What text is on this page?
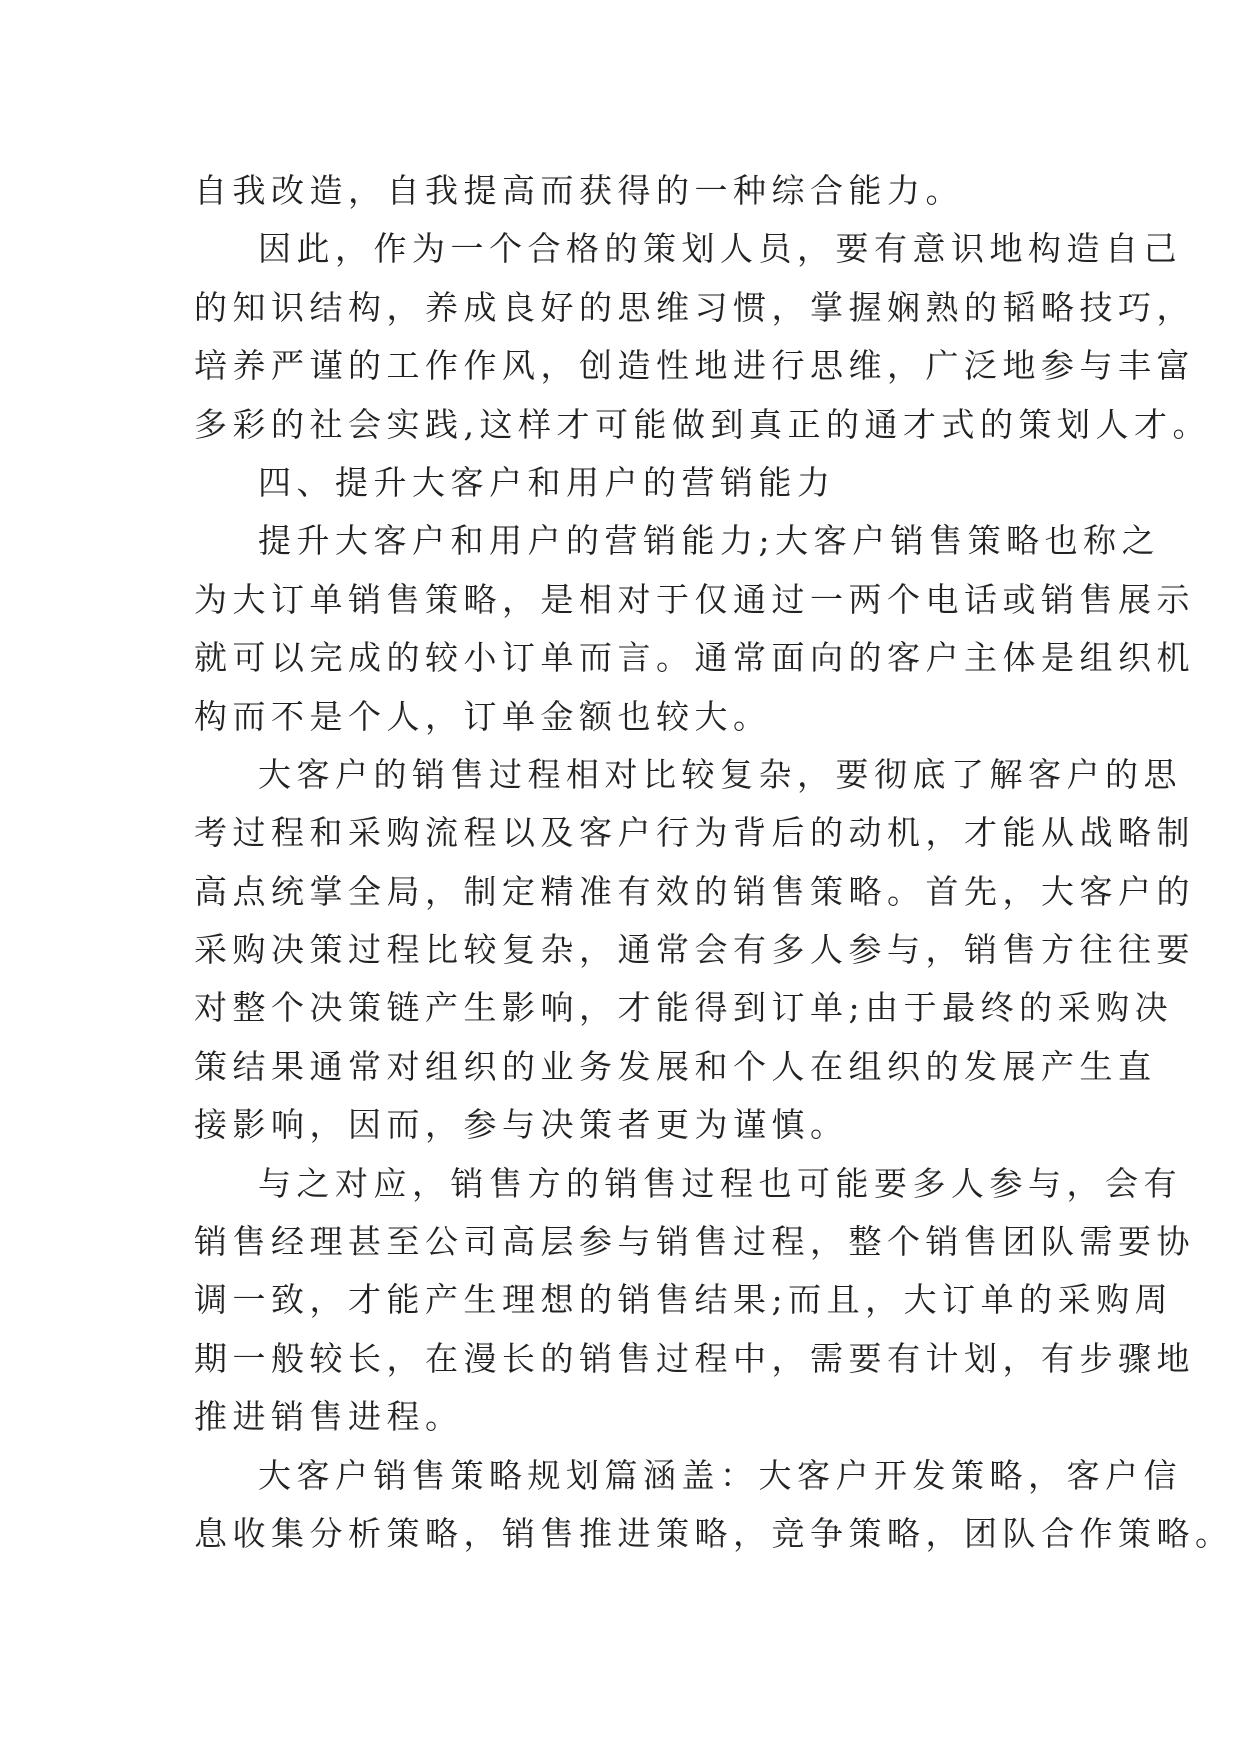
自我改造，自我提高而获得的一种综合能力。
因此，作为一个合格的策划人员，要有意识地构造自己
的知识结构，养成良好的思维习惯，掌握娴熟的韬略技巧，
培养严谨的工作作风，创造性地进行思维，广泛地参与丰富
多彩的社会实践,这样才可能做到真正的通才式的策划人才。
四、提升大客户和用户的营销能力
提升大客户和用户的营销能力;大客户销售策略也称之
为大订单销售策略，是相对于仅通过一两个电话或销售展示
就可以完成的较小订单而言。通常面向的客户主体是组织机
构而不是个人，订单金额也较大。
大客户的销售过程相对比较复杂，要彻底了解客户的思
考过程和采购流程以及客户行为背后的动机，才能从战略制
高点统掌全局，制定精准有效的销售策略。首先，大客户的
采购决策过程比较复杂，通常会有多人参与，销售方往往要
对整个决策链产生影响，才能得到订单;由于最终的采购决
策结果通常对组织的业务发展和个人在组织的发展产生直
接影响，因而，参与决策者更为谨慎。
与之对应，销售方的销售过程也可能要多人参与，会有
销售经理甚至公司高层参与销售过程，整个销售团队需要协
调一致，才能产生理想的销售结果;而且，大订单的采购周
期一般较长，在漫长的销售过程中，需要有计划，有步骤地
推进销售进程。
大客户销售策略规划篇涵盖：大客户开发策略，客户信
息收集分析策略，销售推进策略，竞争策略，团队合作策略。
